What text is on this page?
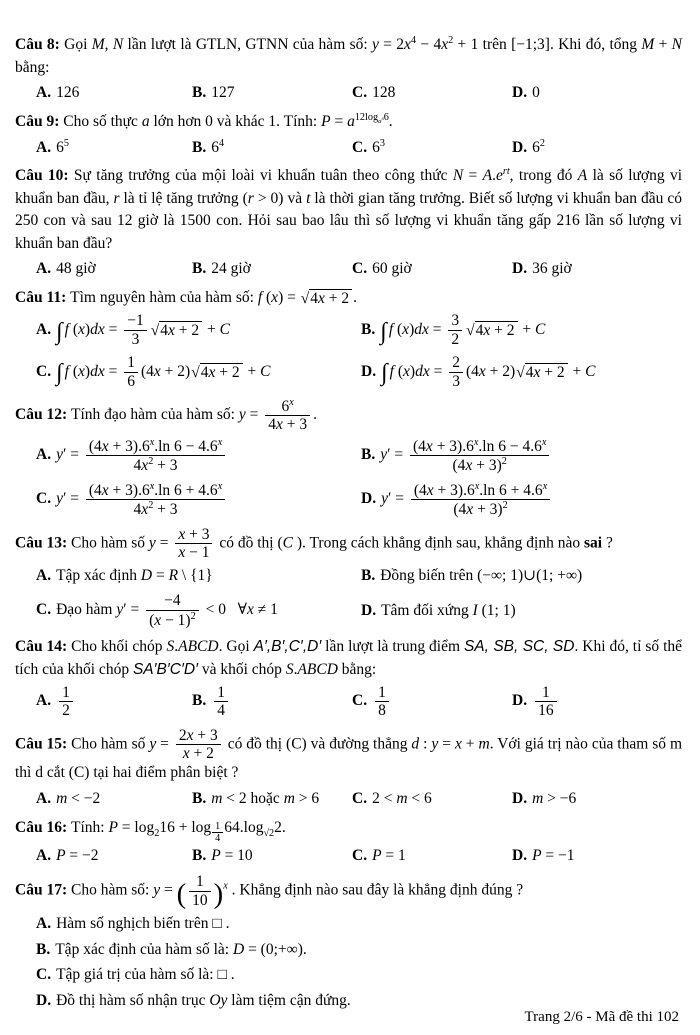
Câu 8: Gọi M, N lần lượt là GTLN, GTNN của hàm số: $y = 2x^4 - 4x^2 + 1$ trên [−1;3]. Khi đó, tổng M + N bằng:
A. 126	B. 127	C. 128	D. 0
Câu 9: Cho số thực a lớn hơn 0 và khác 1. Tính: $P = a^{12log_{a^4}6}$.
A. $6^5$	B. $6^4$	C. $6^3$	D. $6^2$
Câu 10: Sự tăng trưởng của mội loài vi khuẩn tuân theo công thức $N = A.e^{rt}$, trong đó A là số lượng vi khuẩn ban đầu, r là tỉ lệ tăng trưởng (r > 0) và t là thời gian tăng trưởng. Biết số lượng vi khuẩn ban đầu có 250 con và sau 12 giờ là 1500 con. Hỏi sau bao lâu thì số lượng vi khuẩn tăng gấp 216 lần số lượng vi khuẩn ban đầu?
A. 48 giờ	B. 24 giờ	C. 60 giờ	D. 36 giờ
Câu 11: Tìm nguyên hàm của hàm số: f (x) = √ 4x + 2 .
A. ∫ f $(x)dx = \frac{-1}{3}$ √ 4x + 2 + C	B. ∫ f $(x)dx = \frac{3}{2}$ √ 4x + 2 + C
C. ∫ f $(x)dx = \frac{1}{6} (4x + 2)$ √ 4x + 2 + C	D. ∫ f $(x)dx = \frac{2}{3} (4x + 2)$ √ 4x + 2 + C
Câu 12: Tính đạo hàm của hàm số: $y = \frac{6^x}{4x + 3}$ .
A. $y' = \frac{(4x + 3).6^x.\ln 6 - 4.6^x}{4x^2 + 3}$	B. $y' = \frac{(4x + 3).6^x.\ln 6 - 4.6^x}{(4x + 3)^2}$
C. $y' = \frac{(4x + 3).6^x.\ln 6 + 4.6^x}{4x^2 + 3}$	D. $y' = \frac{(4x + 3).6^x.\ln 6 + 4.6^x}{(4x + 3)^2}$
Câu 13: Cho hàm số $y = \frac{x + 3}{x - 1}$ có đồ thị (C ). Trong cách khẳng định sau, khẳng định nào sai ?
A. Tập xác định D = R \ {1}	B. Đồng biến trên (−∞; 1)∪(1; +∞)
C. Đạo hàm $y' = \frac{-4}{(x - 1)^2} < 0$   ∀x ≠ 1	D. Tâm đối xứng I (1; 1)
Câu 14: Cho khối chóp S.ABCD. Gọi A′,B′,C′,D′ lần lượt là trung điểm SA, SB, SC, SD. Khi đó, tỉ số thể tích của khối chóp SA′B′C′D′ và khối chóp S.ABCD bằng:
A. $\frac{1}{2}$	B. $\frac{1}{4}$	C. $\frac{1}{8}$	D. $\frac{1}{16}$
Câu 15: Cho hàm số $y = \frac{2x + 3}{x + 2}$ có đồ thị (C) và đường thẳng d : y = x + m. Với giá trị nào của tham số m thì d cắt (C) tại hai điểm phân biệt ?
A. m < −2	B. m < 2 hoặc m > 6	C. 2 < m < 6	D. m > −6
Câu 16: Tính: $P = \log_216 + \log _{\frac{1}{4}}$ $64.\log_{√2}2$.
A. P = −2	B. P = 10	C. P = 1	D. P = −1
Câu 17: Cho hàm số: y = ( $\frac{1}{10} )^x$ . Khẳng định nào sau đây là khẳng định đúng ?
A. Hàm số nghịch biến trên □ .
B. Tập xác định của hàm số là: D = (0;+∞).
C. Tập giá trị của hàm số là: □ .
D. Đồ thị hàm số nhận trục Oy làm tiệm cận đứng.
Trang 2/6 - Mã đề thi 102
